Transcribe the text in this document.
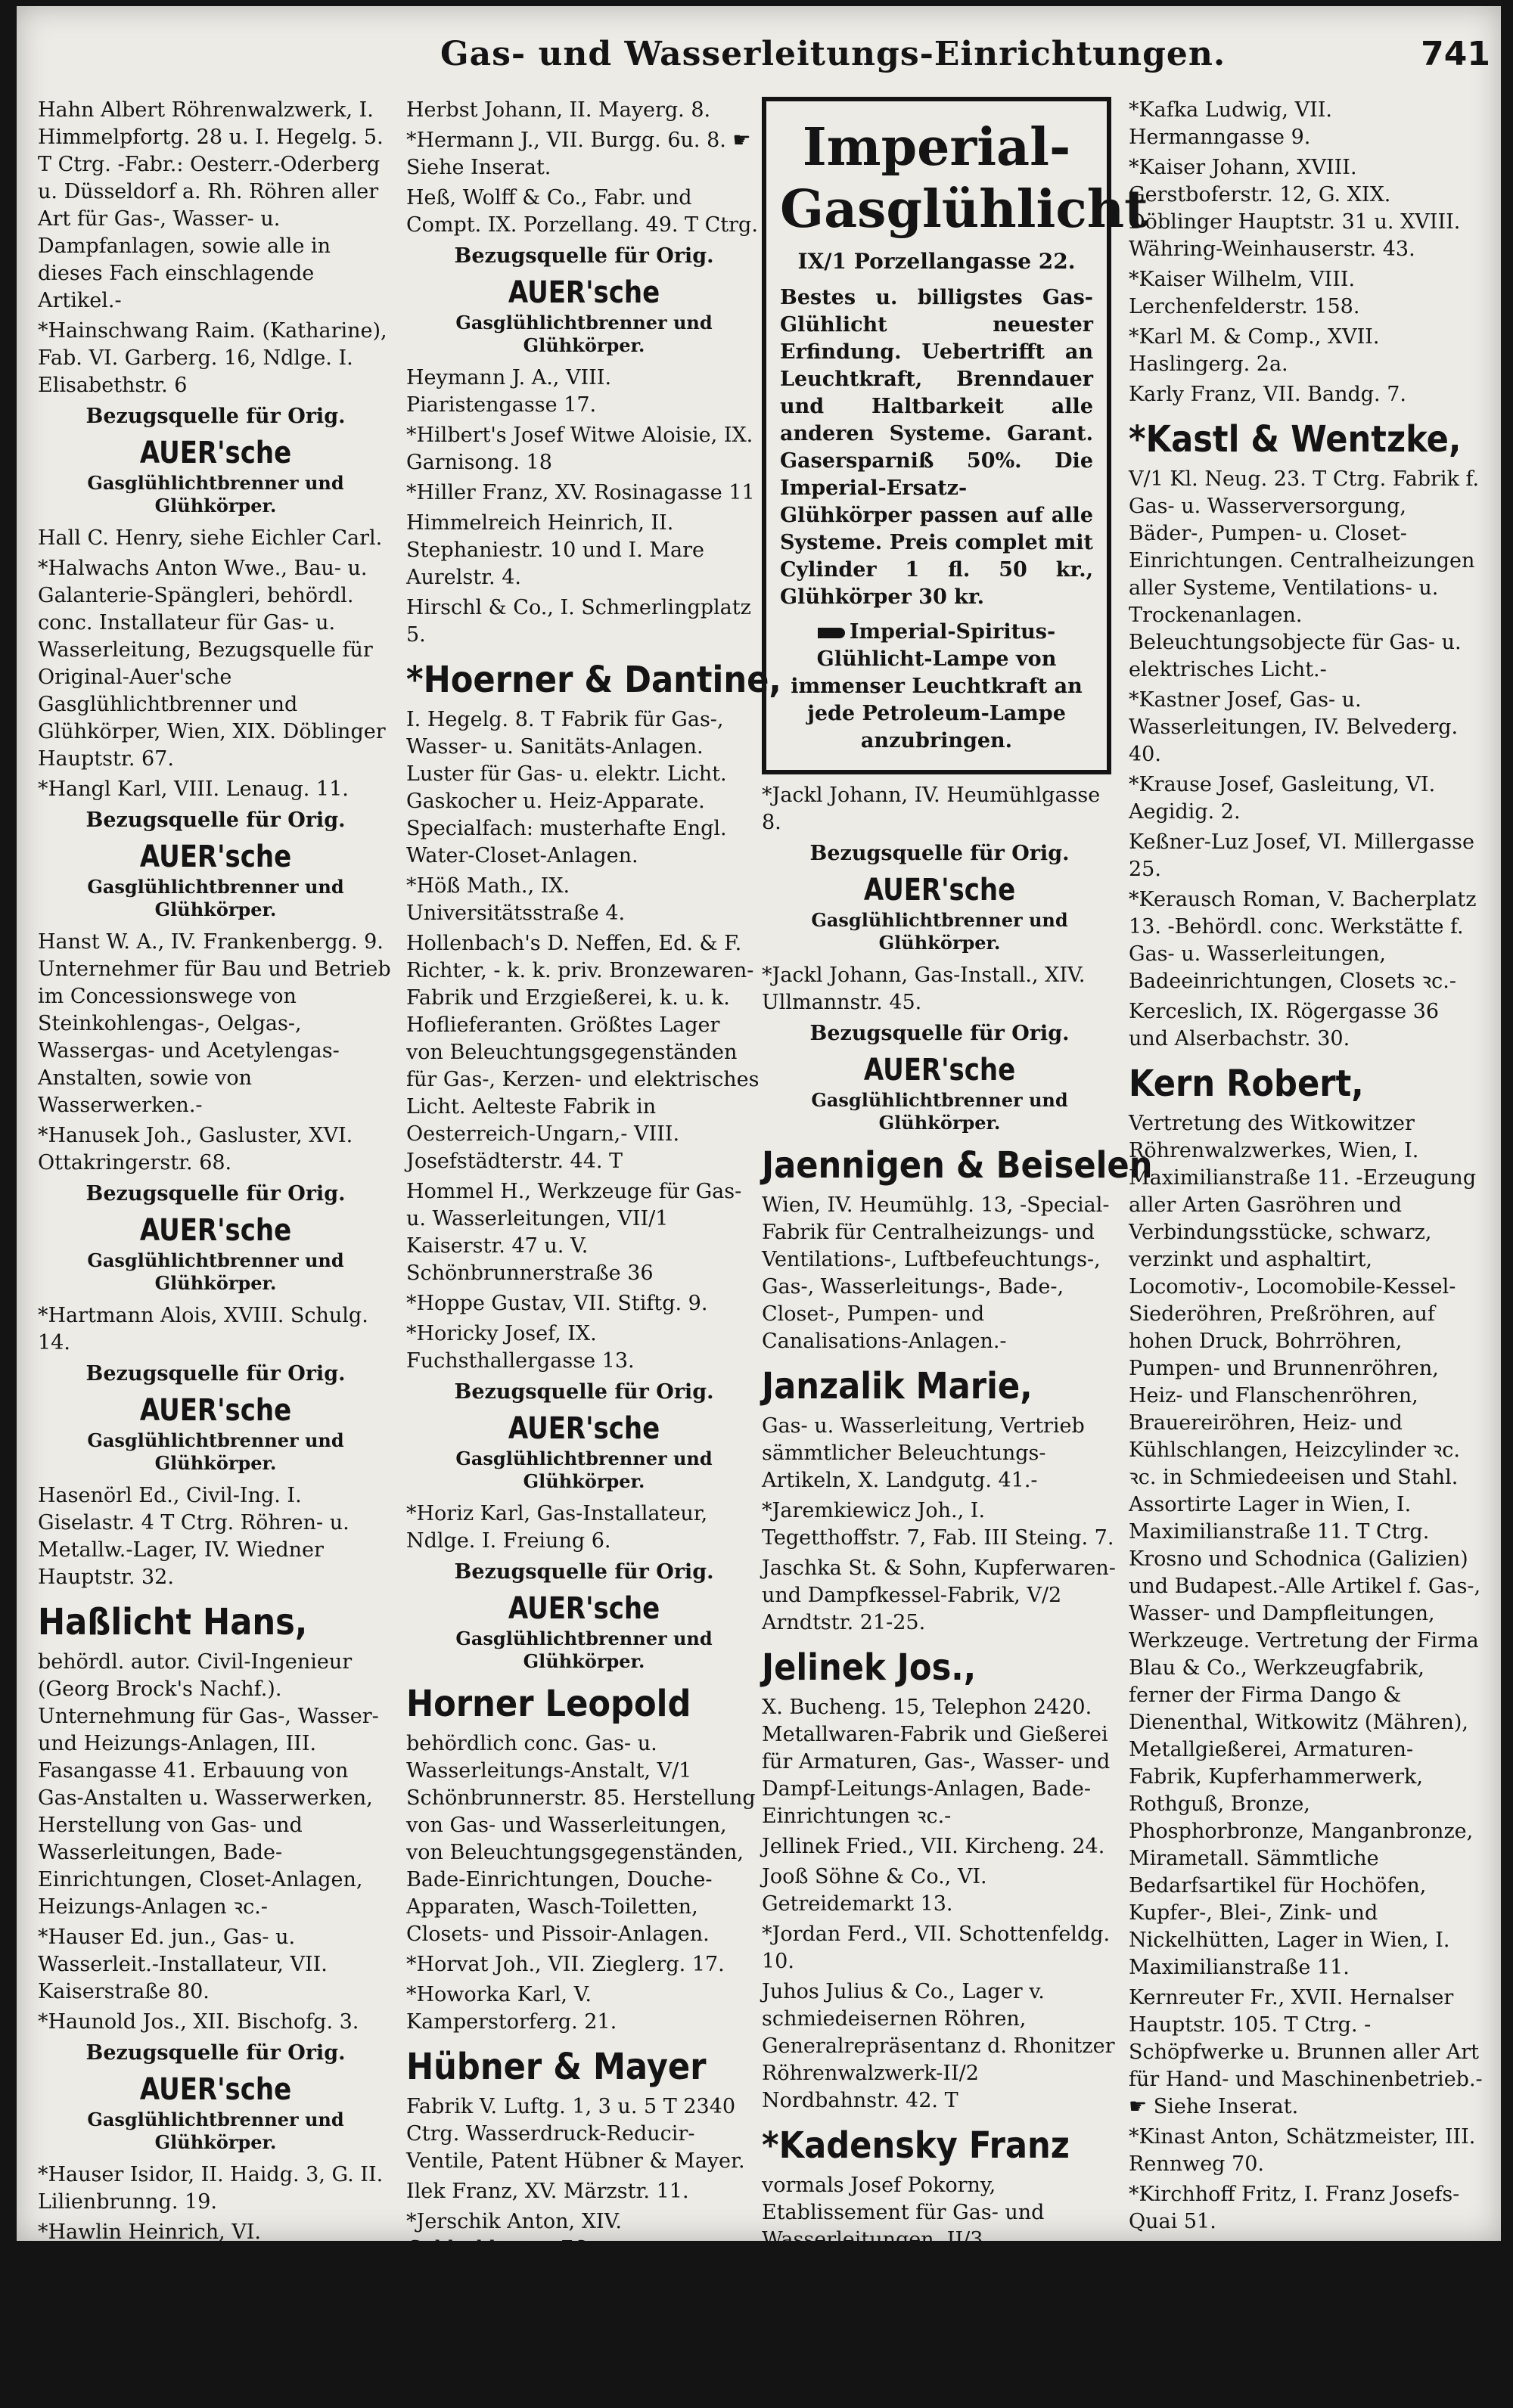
Gas- und Wasserleitungs-Einrichtungen.	741
Hahn Albert Röhrenwalzwerk, I. Himmelpfortg. 28 u. I. Hegelg. 5. T Ctrg. -Fabr.: Oesterr.-Oderberg u. Düsseldorf a. Rh. Röhren aller Art für Gas-, Wasser- u. Dampfanlagen, sowie alle in dieses Fach einschlagende Artikel.-
*Hainschwang Raim. (Katharine), Fab. VI. Garberg. 16, Ndlge. I. Elisabethstr. 6
Bezugsquelle für Orig.
AUER'sche
Gasglühlichtbrenner und
Glühkörper.
Hall C. Henry, siehe Eichler Carl.
*Halwachs Anton Wwe., Bau- u. Galanterie-Spängleri, behördl. conc. Installateur für Gas- u. Wasserleitung, Bezugsquelle für Original-Auer'sche Gasglühlichtbrenner und Glühkörper, Wien, XIX. Döblinger Hauptstr. 67.
*Hangl Karl, VIII. Lenaug. 11.
Bezugsquelle für Orig.
AUER'sche
Gasglühlichtbrenner und
Glühkörper.
Hanst W. A., IV. Frankenbergg. 9. Unternehmer für Bau und Betrieb im Concessionswege von Steinkohlengas-, Oelgas-, Wassergas- und Acetylengas-Anstalten, sowie von Wasserwerken.-
*Hanusek Joh., Gasluster, XVI. Ottakringerstr. 68.
Bezugsquelle für Orig.
AUER'sche
Gasglühlichtbrenner und
Glühkörper.
*Hartmann Alois, XVIII. Schulg. 14.
Bezugsquelle für Orig.
AUER'sche
Gasglühlichtbrenner und
Glühkörper.
Hasenörl Ed., Civil-Ing. I. Giselastr. 4 T Ctrg. Röhren- u. Metallw.-Lager, IV. Wiedner Hauptstr. 32.
Haßlicht Hans,
behördl. autor. Civil-Ingenieur (Georg Brock's Nachf.). Unternehmung für Gas-, Wasser- und Heizungs-Anlagen, III. Fasangasse 41. Erbauung von Gas-Anstalten u. Wasserwerken, Herstellung von Gas- und Wasserleitungen, Bade-Einrichtungen, Closet-Anlagen, Heizungs-Anlagen ꝛc.-
*Hauser Ed. jun., Gas- u. Wasserleit.-Installateur, VII. Kaiserstraße 80.
*Haunold Jos., XII. Bischofg. 3.
Bezugsquelle für Orig.
AUER'sche
Gasglühlichtbrenner und
Glühkörper.
*Hauser Isidor, II. Haidg. 3, G. II. Lilienbrunng. 19.
*Hawlin Heinrich, VI. Barnabiteng. 4.
Heutschel Josef, XI. Simmeringer Hauptstr. 57. ☛ Siehe Inserat.
Herbst Johann, II. Mayerg. 8.
*Hermann J., VII. Burgg. 6u. 8. ☛ Siehe Inserat.
Heß, Wolff & Co., Fabr. und Compt. IX. Porzellang. 49. T Ctrg.
Bezugsquelle für Orig.
AUER'sche
Gasglühlichtbrenner und
Glühkörper.
Heymann J. A., VIII. Piaristengasse 17.
*Hilbert's Josef Witwe Aloisie, IX. Garnisong. 18
*Hiller Franz, XV. Rosinagasse 11
Himmelreich Heinrich, II. Stephaniestr. 10 und I. Mare Aurelstr. 4.
Hirschl & Co., I. Schmerlingplatz 5.
*Hoerner & Dantine,
I. Hegelg. 8. T Fabrik für Gas-, Wasser- u. Sanitäts-Anlagen. Luster für Gas- u. elektr. Licht. Gaskocher u. Heiz-Apparate. Specialfach: musterhafte Engl. Water-Closet-Anlagen.
*Höß Math., IX. Universitätsstraße 4.
Hollenbach's D. Neffen, Ed. & F. Richter, - k. k. priv. Bronzewaren-Fabrik und Erzgießerei, k. u. k. Hoflieferanten. Größtes Lager von Beleuchtungsgegenständen für Gas-, Kerzen- und elektrisches Licht. Aelteste Fabrik in Oesterreich-Ungarn,- VIII. Josefstädterstr. 44. T
Hommel H., Werkzeuge für Gas- u. Wasserleitungen, VII/1 Kaiserstr. 47 u. V. Schönbrunnerstraße 36
*Hoppe Gustav, VII. Stiftg. 9.
*Horicky Josef, IX. Fuchsthallergasse 13.
Bezugsquelle für Orig.
AUER'sche
Gasglühlichtbrenner und
Glühkörper.
*Horiz Karl, Gas-Installateur, Ndlge. I. Freiung 6.
Bezugsquelle für Orig.
AUER'sche
Gasglühlichtbrenner und
Glühkörper.
Horner Leopold
behördlich conc. Gas- u. Wasserleitungs-Anstalt, V/1 Schönbrunnerstr. 85. Herstellung von Gas- und Wasserleitungen, von Beleuchtungsgegenständen, Bade-Einrichtungen, Douche-Apparaten, Wasch-Toiletten, Closets- und Pissoir-Anlagen.
*Horvat Joh., VII. Zieglerg. 17.
*Howorka Karl, V. Kamperstorferg. 21.
Hübner & Mayer
Fabrik V. Luftg. 1, 3 u. 5 T 2340 Ctrg. Wasserdruck-Reducir-Ventile, Patent Hübner & Mayer.
Ilek Franz, XV. Märzstr. 11.
*Jerschik Anton, XIV. Goldschlagstr. 76.
Imperial-
Gasglühlicht
IX/1 Porzellangasse 22.
Bestes u. billigstes Gas-Glühlicht neuester Erfindung. Uebertrifft an Leuchtkraft, Brenndauer und Haltbarkeit alle anderen Systeme. Garant. Gasersparniß 50%. Die Imperial-Ersatz-Glühkörper passen auf alle Systeme. Preis complet mit Cylinder 1 fl. 50 kr., Glühkörper 30 kr.
Imperial-Spiritus-Glühlicht-Lampe von immenser Leuchtkraft an jede Petroleum-Lampe anzubringen.
*Jackl Johann, IV. Heumühlgasse 8.
Bezugsquelle für Orig.
AUER'sche
Gasglühlichtbrenner und
Glühkörper.
*Jackl Johann, Gas-Install., XIV. Ullmannstr. 45.
Bezugsquelle für Orig.
AUER'sche
Gasglühlichtbrenner und
Glühkörper.
Jaennigen & Beiselen
Wien, IV. Heumühlg. 13, -Special-Fabrik für Centralheizungs- und Ventilations-, Luftbefeuchtungs-, Gas-, Wasserleitungs-, Bade-, Closet-, Pumpen- und Canalisations-Anlagen.-
Janzalik Marie,
Gas- u. Wasserleitung, Vertrieb sämmtlicher Beleuchtungs-Artikeln, X. Landgutg. 41.-
*Jaremkiewicz Joh., I. Tegetthoffstr. 7, Fab. III Steing. 7.
Jaschka St. & Sohn, Kupferwaren- und Dampfkessel-Fabrik, V/2 Arndtstr. 21-25.
Jelinek Jos.,
X. Bucheng. 15, Telephon 2420. Metallwaren-Fabrik und Gießerei für Armaturen, Gas-, Wasser- und Dampf-Leitungs-Anlagen, Bade-Einrichtungen ꝛc.-
Jellinek Fried., VII. Kircheng. 24.
Jooß Söhne & Co., VI. Getreidemarkt 13.
*Jordan Ferd., VII. Schottenfeldg. 10.
Juhos Julius & Co., Lager v. schmiedeisernen Röhren, Generalrepräsentanz d. Rhonitzer Röhrenwalzwerk-II/2 Nordbahnstr. 42. T
*Kadensky Franz
vormals Josef Pokorny, Etablissement für Gas- und Wasserleitungen, II/3 Wallensteinstraße 15. T
*Kafka Ludwig, VII. Hermanngasse 9.
*Kaiser Johann, XVIII. Gerstboferstr. 12, G. XIX. Döblinger Hauptstr. 31 u. XVIII. Währing-Weinhauserstr. 43.
*Kaiser Wilhelm, VIII. Lerchenfelderstr. 158.
*Karl M. & Comp., XVII. Haslingerg. 2a.
Karly Franz, VII. Bandg. 7.
*Kastl & Wentzke,
V/1 Kl. Neug. 23. T Ctrg. Fabrik f. Gas- u. Wasserversorgung, Bäder-, Pumpen- u. Closet-Einrichtungen. Centralheizungen aller Systeme, Ventilations- u. Trockenanlagen. Beleuchtungsobjecte für Gas- u. elektrisches Licht.-
*Kastner Josef, Gas- u. Wasserleitungen, IV. Belvederg. 40.
*Krause Josef, Gasleitung, VI. Aegidig. 2.
Keßner-Luz Josef, VI. Millergasse 25.
*Kerausch Roman, V. Bacherplatz 13. -Behördl. conc. Werkstätte f. Gas- u. Wasserleitungen, Badeeinrichtungen, Closets ꝛc.-
Kerceslich, IX. Rögergasse 36 und Alserbachstr. 30.
Kern Robert,
Vertretung des Witkowitzer Röhrenwalzwerkes, Wien, I. Maximilianstraße 11. -Erzeugung aller Arten Gasröhren und Verbindungsstücke, schwarz, verzinkt und asphaltirt, Locomotiv-, Locomobile-Kessel-Siederöhren, Preßröhren, auf hohen Druck, Bohrröhren, Pumpen- und Brunnenröhren, Heiz- und Flanschenröhren, Brauereiröhren, Heiz- und Kühlschlangen, Heizcylinder ꝛc. ꝛc. in Schmiedeeisen und Stahl. Assortirte Lager in Wien, I. Maximilianstraße 11. T Ctrg. Krosno und Schodnica (Galizien) und Budapest.-Alle Artikel f. Gas-, Wasser- und Dampfleitungen, Werkzeuge. Vertretung der Firma Blau & Co., Werkzeugfabrik, ferner der Firma Dango & Dienenthal, Witkowitz (Mähren), Metallgießerei, Armaturen-Fabrik, Kupferhammerwerk, Rothguß, Bronze, Phosphorbronze, Manganbronze, Mirametall. Sämmtliche Bedarfsartikel für Hochöfen, Kupfer-, Blei-, Zink- und Nickelhütten, Lager in Wien, I. Maximilianstraße 11.
Kernreuter Fr., XVII. Hernalser Hauptstr. 105. T Ctrg. -Schöpfwerke u. Brunnen aller Art für Hand- und Maschinenbetrieb.- ☛ Siehe Inserat.
*Kinast Anton, Schätzmeister, III. Rennweg 70.
*Kirchhoff Fritz, I. Franz Josefs-Quai 51.
Kißling R., Gasluster-Fab., III. Unt Viaductg. 33.
*Klang Leopold, III. Dietrichgasse 19a.
*Klarmann Hermann, VI. Gumpendorferstr. 135.
